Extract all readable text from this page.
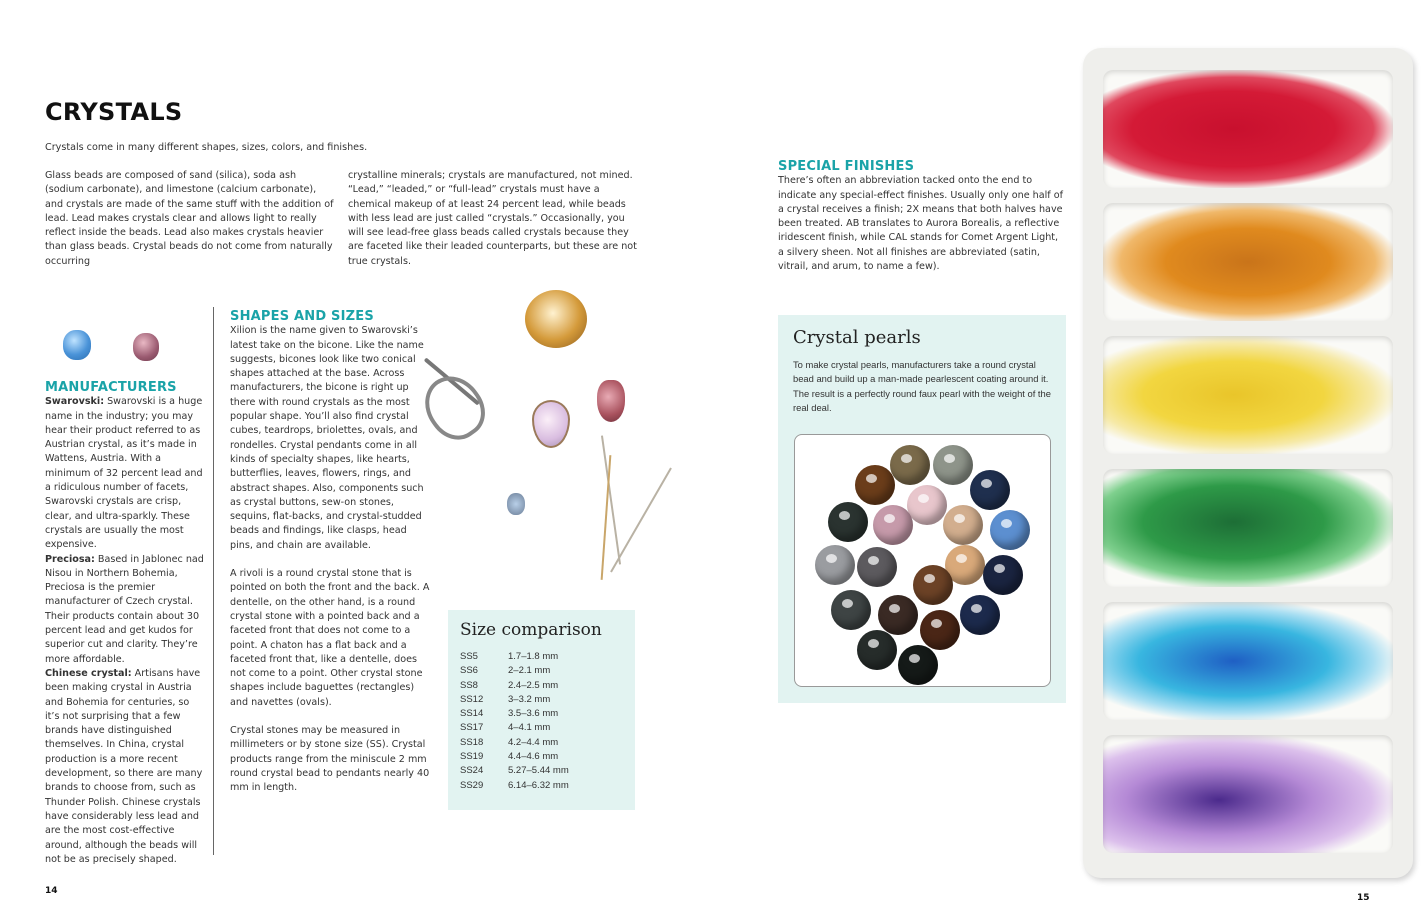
CRYSTALS

Crystals come in many different shapes, sizes, colors, and finishes.

Glass beads are composed of sand (silica), soda ash (sodium carbonate), and limestone (calcium carbonate), and crystals are made of the same stuff with the addition of lead. Lead makes crystals clear and allows light to really reflect inside the beads. Lead also makes crystals heavier than glass beads. Crystal beads do not come from naturally occurring

crystalline minerals; crystals are manufactured, not mined. “Lead,” “leaded,” or “full-lead” crystals must have a chemical makeup of at least 24 percent lead, while beads with less lead are just called “crystals.” Occasionally, you will see lead-free glass beads called crystals because they are faceted like their leaded counterparts, but these are not true crystals.

MANUFACTURERS

Swarovski: Swarovski is a huge name in the industry; you may hear their product referred to as Austrian crystal, as it’s made in Wattens, Austria. With a minimum of 32 percent lead and a ridiculous number of facets, Swarovski crystals are crisp, clear, and ultra-sparkly. These crystals are usually the most expensive.

Preciosa: Based in Jablonec nad Nisou in Northern Bohemia, Preciosa is the premier manufacturer of Czech crystal. Their products contain about 30 percent lead and get kudos for superior cut and clarity. They’re more affordable.

Chinese crystal: Artisans have been making crystal in Austria and Bohemia for centuries, so it’s not surprising that a few brands have distinguished themselves. In China, crystal production is a more recent development, so there are many brands to choose from, such as Thunder Polish. Chinese crystals have considerably less lead and are the most cost-effective around, although the beads will not be as precisely shaped.

SHAPES AND SIZES

Xilion is the name given to Swarovski’s latest take on the bicone. Like the name suggests, bicones look like two conical shapes attached at the base. Across manufacturers, the bicone is right up there with round crystals as the most popular shape. You’ll also find crystal cubes, teardrops, briolettes, ovals, and rondelles. Crystal pendants come in all kinds of specialty shapes, like hearts, butterflies, leaves, flowers, rings, and abstract shapes. Also, components such as crystal buttons, sew-on stones, sequins, flat-backs, and crystal-studded beads and findings, like clasps, head pins, and chain are available.

A rivoli is a round crystal stone that is pointed on both the front and the back. A dentelle, on the other hand, is a round crystal stone with a pointed back and a faceted front that does not come to a point. A chaton has a flat back and a faceted front that, like a dentelle, does not come to a point. Other crystal stone shapes include baguettes (rectangles) and navettes (ovals).

Crystal stones may be measured in millimeters or by stone size (SS). Crystal products range from the miniscule 2 mm round crystal bead to pendants nearly 40 mm in length.

Size comparison
SS5	1.7–1.8 mm
SS6	2–2.1 mm
SS8	2.4–2.5 mm
SS12	3–3.2 mm
SS14	3.5–3.6 mm
SS17	4–4.1 mm
SS18	4.2–4.4 mm
SS19	4.4–4.6 mm
SS24	5.27–5.44 mm
SS29	6.14–6.32 mm
14
SPECIAL FINISHES

There’s often an abbreviation tacked onto the end to indicate any special-effect finishes. Usually only one half of a crystal receives a finish; 2X means that both halves have been treated. AB translates to Aurora Borealis, a reflective iridescent finish, while CAL stands for Comet Argent Light, a silvery sheen. Not all finishes are abbreviated (satin, vitrail, and arum, to name a few).

Crystal pearls

To make crystal pearls, manufacturers take a round crystal bead and build up a man-made pearlescent coating around it. The result is a perfectly round faux pearl with the weight of the real deal.

15
